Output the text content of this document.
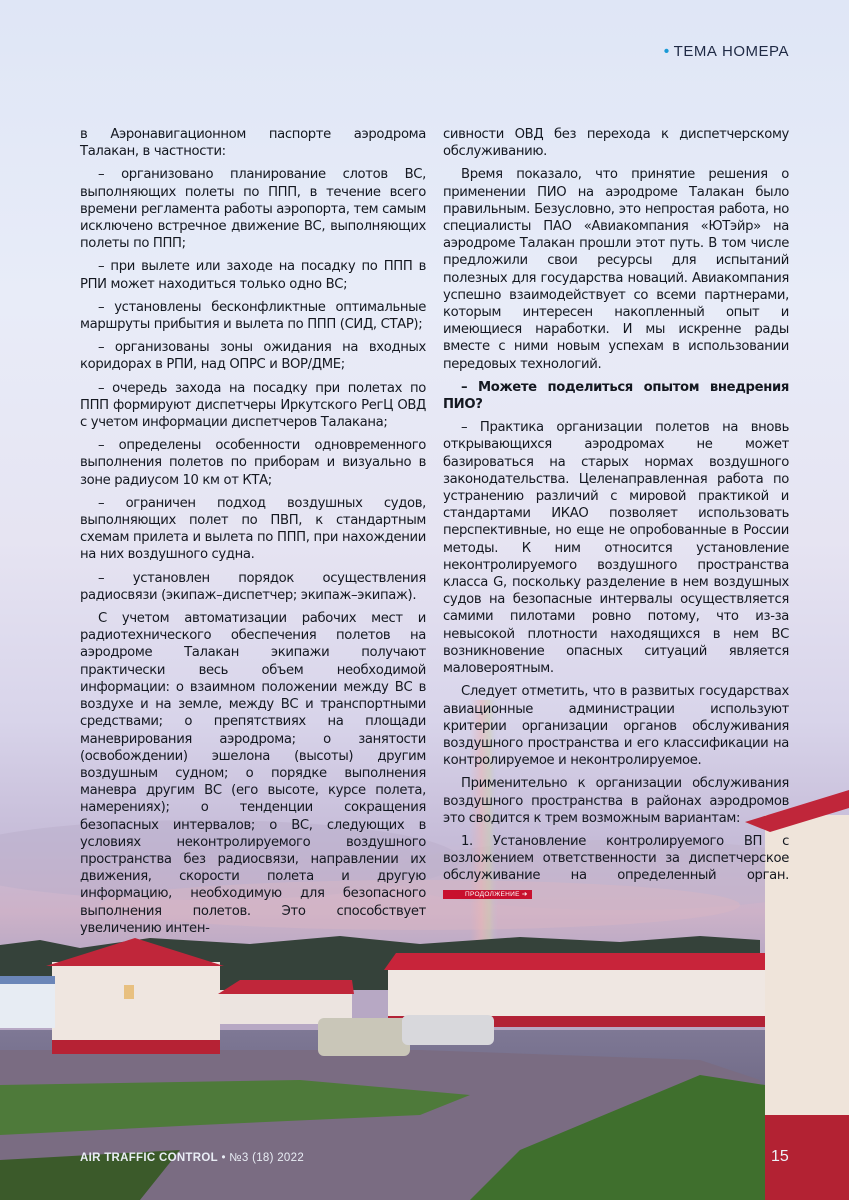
• ТЕМА НОМЕРА

в Аэронавигационном паспорте аэродрома Талакан, в частности:

– организовано планирование слотов ВС, выполняющих полеты по ППП, в течение всего времени регламента работы аэропорта, тем самым исключено встречное движение ВС, выполняющих полеты по ППП;

– при вылете или заходе на посадку по ППП в РПИ может находиться только одно ВС;

– установлены бесконфликтные оптимальные маршруты прибытия и вылета по ППП (СИД, СТАР);

– организованы зоны ожидания на входных коридорах в РПИ, над ОПРС и ВОР/ДМЕ;

– очередь захода на посадку при полетах по ППП формируют диспетчеры Иркутского РегЦ ОВД с учетом информации диспетчеров Талакана;

– определены особенности одновременного выполнения полетов по приборам и визуально в зоне радиусом 10 км от КТА;

– ограничен подход воздушных судов, выполняющих полет по ПВП, к стандартным схемам прилета и вылета по ППП, при нахождении на них воздушного судна.

– установлен порядок осуществления радиосвязи (экипаж–диспетчер; экипаж–экипаж).

С учетом автоматизации рабочих мест и радиотехнического обеспечения полетов на аэродроме Талакан экипажи получают практически весь объем необходимой информации: о взаимном положении между ВС в воздухе и на земле, между ВС и транспортными средствами; о препятствиях на площади маневрирования аэродрома; о занятости (освобождении) эшелона (высоты) другим воздушным судном; о порядке выполнения маневра другим ВС (его высоте, курсе полета, намерениях); о тенденции сокращения безопасных интервалов; о ВС, следующих в условиях неконтролируемого воздушного пространства без радиосвязи, направлении их движения, скорости полета и другую информацию, необходимую для безопасного выполнения полетов. Это способствует увеличению интен-

сивности ОВД без перехода к диспетчерскому обслуживанию.

Время показало, что принятие решения о применении ПИО на аэродроме Талакан было правильным. Безусловно, это непростая работа, но специалисты ПАО «Авиакомпания «ЮТэйр» на аэродроме Талакан прошли этот путь. В том числе предложили свои ресурсы для испытаний полезных для государства новаций. Авиакомпания успешно взаимодействует со всеми партнерами, которым интересен накопленный опыт и имеющиеся наработки. И мы искренне рады вместе с ними новым успехам в использовании передовых технологий.

– Можете поделиться опытом внедрения ПИО?

– Практика организации полетов на вновь открывающихся аэродромах не может базироваться на старых нормах воздушного законодательства. Целенаправленная работа по устранению различий с мировой практикой и стандартами ИКАО позволяет использовать перспективные, но еще не опробованные в России методы. К ним относится установление неконтролируемого воздушного пространства класса G, поскольку разделение в нем воздушных судов на безопасные интервалы осуществляется самими пилотами ровно потому, что из-за невысокой плотности находящихся в нем ВС возникновение опасных ситуаций является маловероятным.

Следует отметить, что в развитых государствах авиационные администрации используют критерии организации органов обслуживания воздушного пространства и его классификации на контролируемое и неконтролируемое.

Применительно к организации обслуживания воздушного пространства в районах аэродромов это сводится к трем возможным вариантам:

1. Установление контролируемого ВП с возложением ответственности за диспетчерское обслуживание на определенный орган. ПРОДОЛЖЕНИЕ ➔

AIR TRAFFIC CONTROL • №3 (18) 2022	15
